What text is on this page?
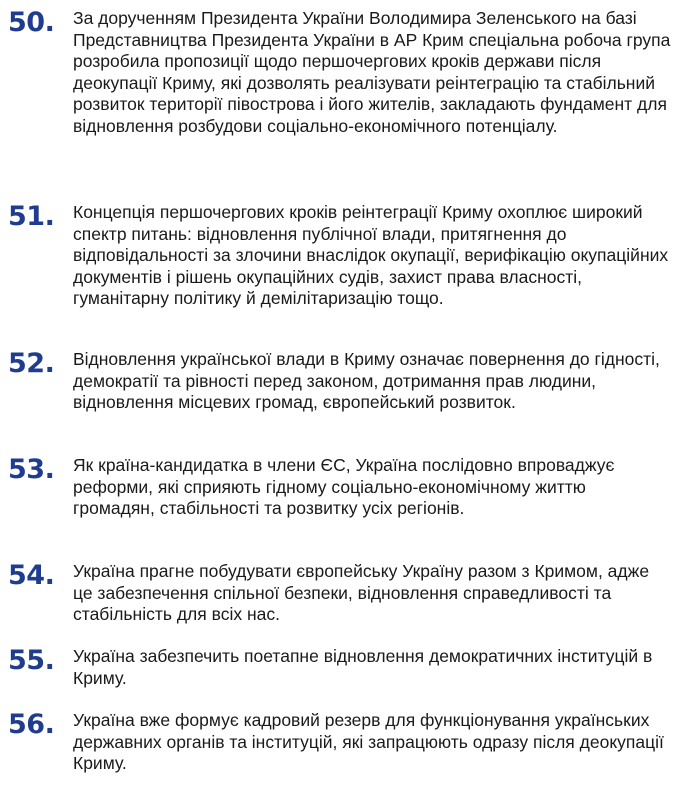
50. За дорученням Президента України Володимира Зеленського на базі Представництва Президента України в АР Крим спеціальна робоча група розробила пропозиції щодо першочергових кроків держави після деокупації Криму, які дозволять реалізувати реінтеграцію та стабільний розвиток території півострова і його жителів, закладають фундамент для відновлення розбудови соціально-економічного потенціалу.

51. Концепція першочергових кроків реінтеграції Криму охоплює широкий спектр питань: відновлення публічної влади, притягнення до відповідальності за злочини внаслідок окупації, верифікацію окупаційних документів і рішень окупаційних судів, захист права власності, гуманітарну політику й демілітаризацію тощо.

52. Відновлення української влади в Криму означає повернення до гідності, демократії та рівності перед законом, дотримання прав людини, відновлення місцевих громад, європейський розвиток.

53. Як країна-кандидатка в члени ЄС, Україна послідовно впроваджує реформи, які сприяють гідному соціально-економічному життю громадян, стабільності та розвитку усіх регіонів.

54. Україна прагне побудувати європейську Україну разом з Кримом, адже це забезпечення спільної безпеки, відновлення справедливості та стабільність для всіх нас.

55. Україна забезпечить поетапне відновлення демократичних інституцій в Криму.

56. Україна вже формує кадровий резерв для функціонування українських державних органів та інституцій, які запрацюють одразу після деокупації Криму.
